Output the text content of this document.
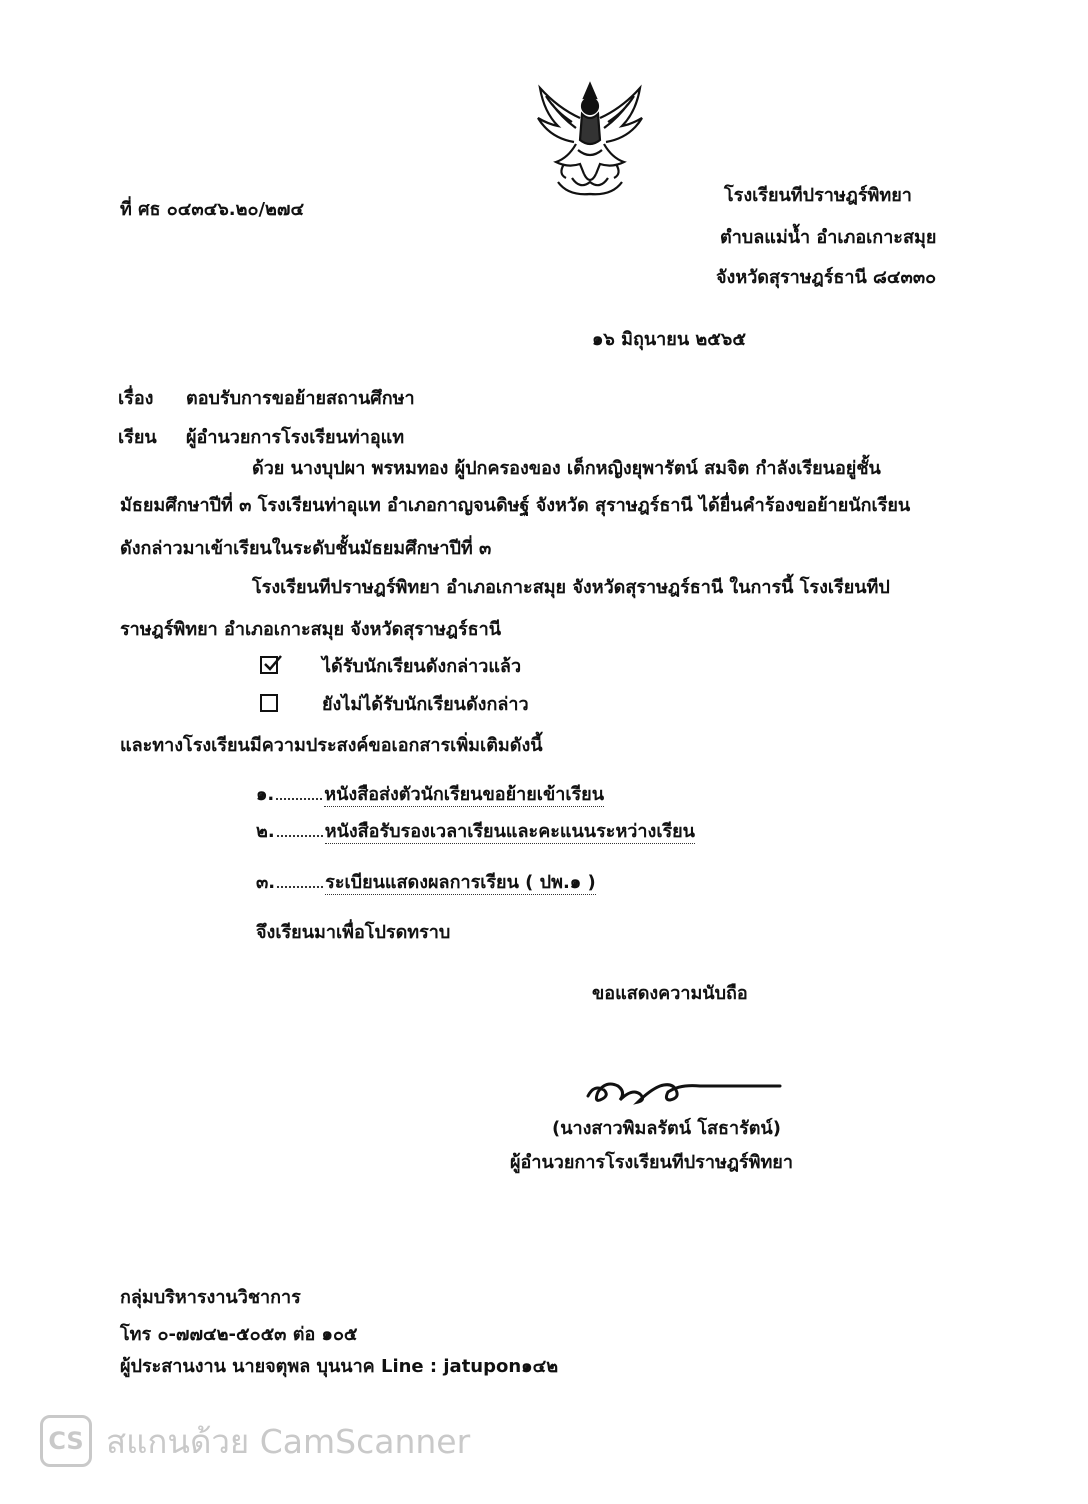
ที่ ศธ ๐๔๓๔๖.๒๐/๒๗๔
โรงเรียนทีปราษฎร์พิทยา
ตำบลแม่น้ำ อำเภอเกาะสมุย
จังหวัดสุราษฎร์ธานี ๘๔๓๓๐
๑๖ มิถุนายน ๒๕๖๕
เรื่อง ตอบรับการขอย้ายสถานศึกษา
เรียน ผู้อำนวยการโรงเรียนท่าอุแท
ด้วย นางบุปผา พรหมทอง ผู้ปกครองของ เด็กหญิงยุพารัตน์ สมจิต กำลังเรียนอยู่ชั้น
มัธยมศึกษาปีที่ ๓ โรงเรียนท่าอุแท อำเภอกาญจนดิษฐ์ จังหวัด สุราษฎร์ธานี ได้ยื่นคำร้องขอย้ายนักเรียน
ดังกล่าวมาเข้าเรียนในระดับชั้นมัธยมศึกษาปีที่ ๓
โรงเรียนทีปราษฎร์พิทยา อำเภอเกาะสมุย จังหวัดสุราษฎร์ธานี ในการนี้ โรงเรียนทีป
ราษฎร์พิทยา อำเภอเกาะสมุย จังหวัดสุราษฎร์ธานี
ได้รับนักเรียนดังกล่าวแล้ว
ยังไม่ได้รับนักเรียนดังกล่าว
และทางโรงเรียนมีความประสงค์ขอเอกสารเพิ่มเติมดังนี้
๑.	หนังสือส่งตัวนักเรียนขอย้ายเข้าเรียน
๒.	หนังสือรับรองเวลาเรียนและคะแนนระหว่างเรียน
๓.	ระเบียนแสดงผลการเรียน ( ปพ.๑ )
จึงเรียนมาเพื่อโปรดทราบ
ขอแสดงความนับถือ
(นางสาวพิมลรัตน์ โสธารัตน์)
ผู้อำนวยการโรงเรียนทีปราษฎร์พิทยา
กลุ่มบริหารงานวิชาการ
โทร ๐-๗๗๔๒-๕๐๕๓ ต่อ ๑๐๕
ผู้ประสานงาน นายจตุพล บุนนาค Line : jatupon๑๔๒
CS สแกนด้วย CamScanner
